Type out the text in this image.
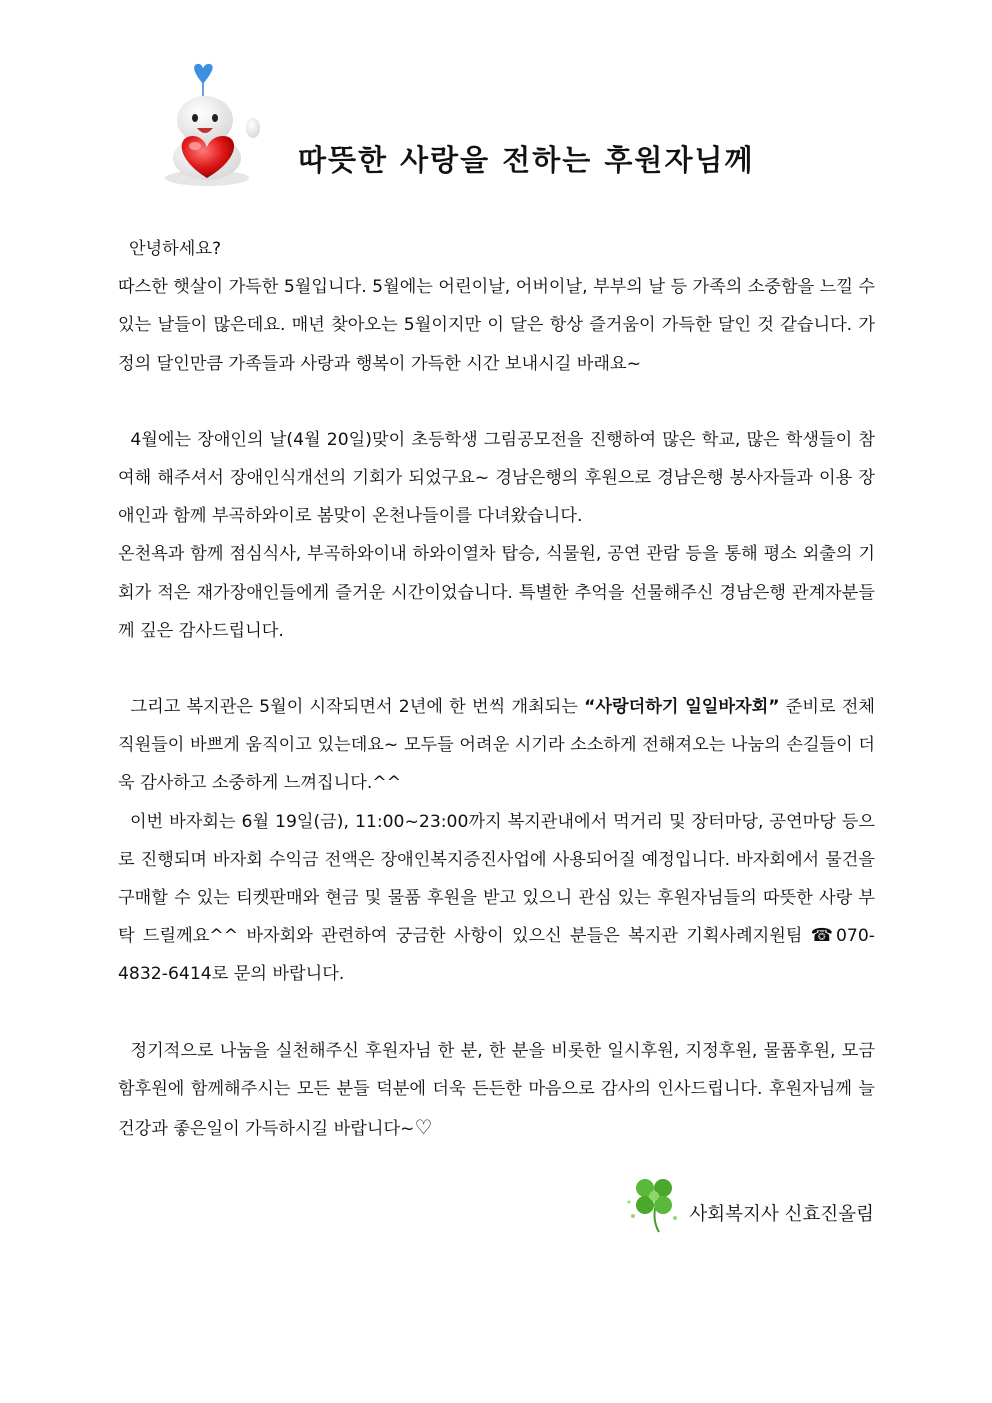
따뜻한 사랑을 전하는 후원자님께

안녕하세요?

따스한 햇살이 가득한 5월입니다. 5월에는 어린이날, 어버이날, 부부의 날 등 가족의 소중함을 느낄 수 있는 날들이 많은데요. 매년 찾아오는 5월이지만 이 달은 항상 즐거움이 가득한 달인 것 같습니다. 가정의 달인만큼 가족들과 사랑과 행복이 가득한 시간 보내시길 바래요~

4월에는 장애인의 날(4월 20일)맞이 초등학생 그림공모전을 진행하여 많은 학교, 많은 학생들이 참여해 해주셔서 장애인식개선의 기회가 되었구요~ 경남은행의 후원으로 경남은행 봉사자들과 이용 장애인과 함께 부곡하와이로 봄맞이 온천나들이를 다녀왔습니다.

온천욕과 함께 점심식사, 부곡하와이내 하와이열차 탑승, 식물원, 공연 관람 등을 통해 평소 외출의 기회가 적은 재가장애인들에게 즐거운 시간이었습니다. 특별한 추억을 선물해주신 경남은행 관계자분들께 깊은 감사드립니다.

그리고 복지관은 5월이 시작되면서 2년에 한 번씩 개최되는 “사랑더하기 일일바자회” 준비로 전체 직원들이 바쁘게 움직이고 있는데요~ 모두들 어려운 시기라 소소하게 전해져오는 나눔의 손길들이 더욱 감사하고 소중하게 느껴집니다.^^

이번 바자회는 6월 19일(금), 11:00~23:00까지 복지관내에서 먹거리 및 장터마당, 공연마당 등으로 진행되며 바자회 수익금 전액은 장애인복지증진사업에 사용되어질 예정입니다. 바자회에서 물건을 구매할 수 있는 티켓판매와 현금 및 물품 후원을 받고 있으니 관심 있는 후원자님들의 따뜻한 사랑 부탁 드릴께요^^ 바자회와 관련하여 궁금한 사항이 있으신 분들은 복지관 기획사례지원팀 ☎070-4832-6414로 문의 바랍니다.

정기적으로 나눔을 실천해주신 후원자님 한 분, 한 분을 비롯한 일시후원, 지정후원, 물품후원, 모금함후원에 함께해주시는 모든 분들 덕분에 더욱 든든한 마음으로 감사의 인사드립니다. 후원자님께 늘 건강과 좋은일이 가득하시길 바랍니다~♡

사회복지사 신효진올림
